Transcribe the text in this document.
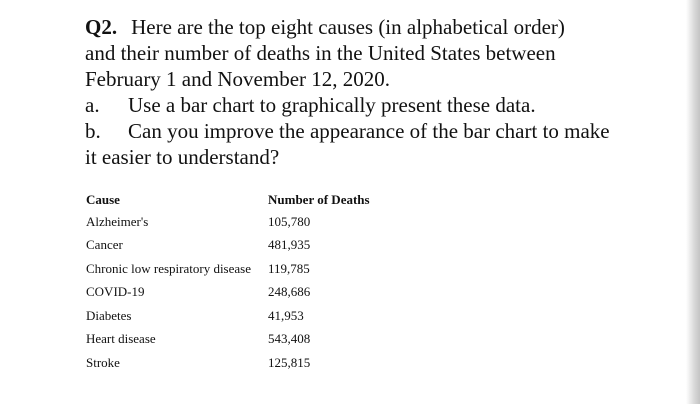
Q2. Here are the top eight causes (in alphabetical order)
and their number of deaths in the United States between
February 1 and November 12, 2020.
a. Use a bar chart to graphically present these data.
b. Can you improve the appearance of the bar chart to make
it easier to understand?
Cause	Number of Deaths
Alzheimer's	105,780
Cancer	481,935
Chronic low respiratory disease	119,785
COVID-19	248,686
Diabetes	41,953
Heart disease	543,408
Stroke	125,815
